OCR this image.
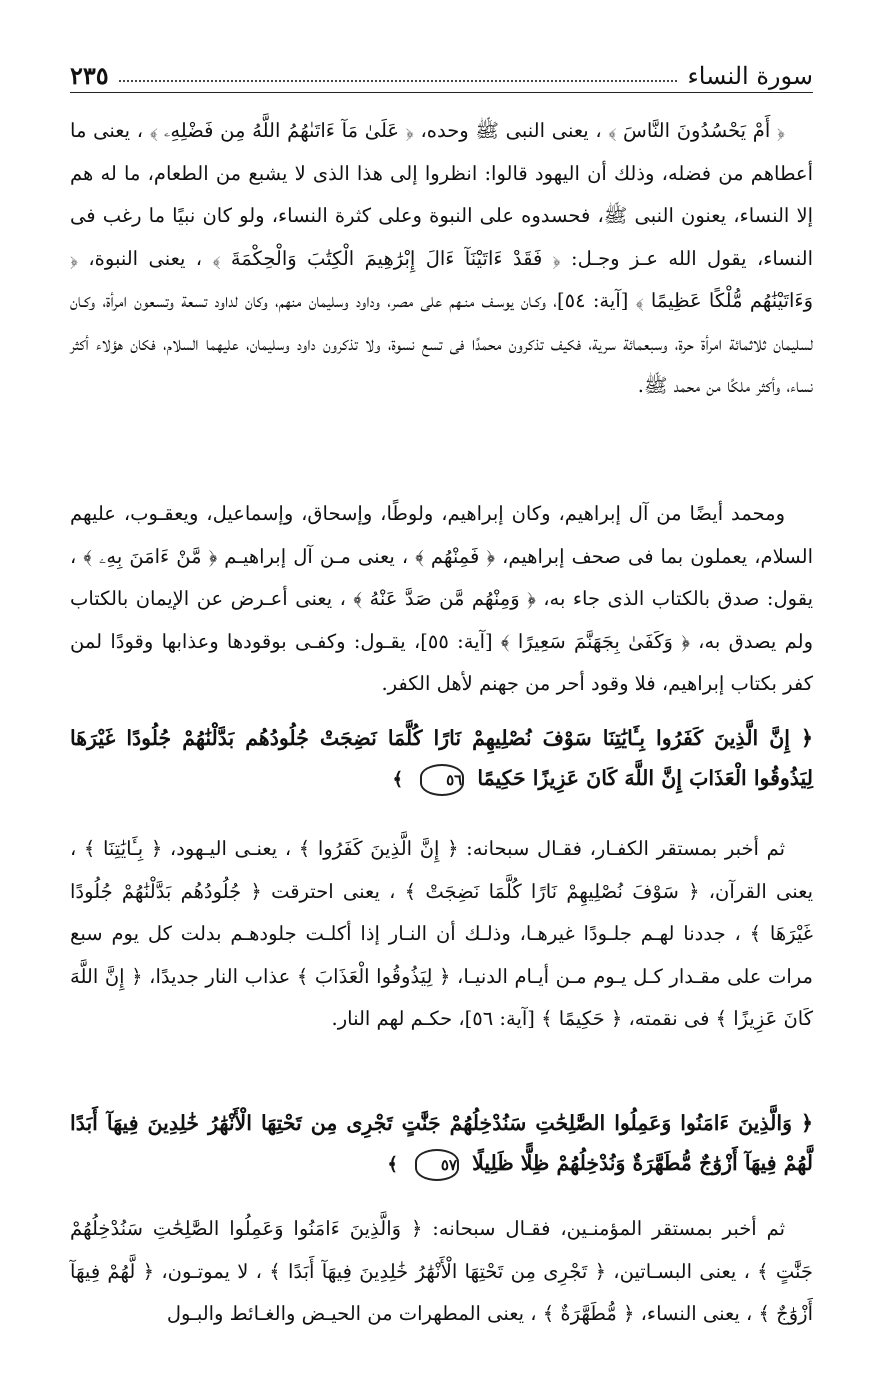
سورة النساء
٢٣٥

﴿ أَمْ يَحْسُدُونَ النَّاسَ ﴾ ، يعنى النبى ﷺ وحده، ﴿ عَلَىٰ مَآ ءَاتَىٰهُمُ اللَّهُ مِن فَضْلِهِۦ ﴾ ، يعنى ما أعطاهم من فضله، وذلك أن اليهود قالوا: انظروا إلى هذا الذى لا يشبع من الطعام، ما له هم إلا النساء، يعنون النبى ﷺ، فحسدوه على النبوة وعلى كثرة النساء، ولو كان نبيًا ما رغب فى النساء، يقول الله عـز وجـل: ﴿ فَقَدْ ءَاتَيْنَآ ءَالَ إِبْرَٰهِيمَ الْكِتَٰبَ وَالْحِكْمَةَ ﴾ ، يعنى النبوة، ﴿ وَءَاتَيْنَٰهُم مُّلْكًا عَظِيمًا ﴾ [آية: ٥٤]، وكـان يوسـف منـهم على مصر، وداود وسليمان منهم، وكان لداود تسعة وتسعون امرأة، وكـان لسليمان ثلاثمائة امرأة حرة، وسبعمائة سرية، فكيف تذكرون محمدًا فى تسع نسوة، ولا تذكرون داود وسليمان، عليهما السلام، فكان هؤلاء أكثر نساء، وأكثر ملكًا من محمد ﷺ.

ومحمد أيضًا من آل إبراهيم، وكان إبراهيم، ولوطًا، وإسحاق، وإسماعيل، ويعقـوب، عليهم السلام، يعملون بما فى صحف إبراهيم، ﴿ فَمِنْهُم ﴾ ، يعنى مـن آل إبراهيـم ﴿ مَّنْ ءَامَنَ بِهِۦ ﴾ ، يقول: صدق بالكتاب الذى جاء به، ﴿ وَمِنْهُم مَّن صَدَّ عَنْهُ ﴾ ، يعنى أعـرض عن الإيمان بالكتاب ولم يصدق به، ﴿ وَكَفَىٰ بِجَهَنَّمَ سَعِيرًا ﴾ [آية: ٥٥]، يقـول: وكفـى بوقودها وعذابها وقودًا لمن كفر بكتاب إبراهيم، فلا وقود أحر من جهنم لأهل الكفر.

﴿ إِنَّ الَّذِينَ كَفَرُوا بِـَٔايَٰتِنَا سَوْفَ نُصْلِيهِمْ نَارًا كُلَّمَا نَضِجَتْ جُلُودُهُم بَدَّلْنَٰهُمْ جُلُودًا غَيْرَهَا لِيَذُوقُوا الْعَذَابَ إِنَّ اللَّهَ كَانَ عَزِيزًا حَكِيمًا ٥٦ ﴾

ثم أخبر بمستقر الكفـار، فقـال سبحانه: ﴿ إِنَّ الَّذِينَ كَفَرُوا ﴾ ، يعنـى اليـهود، ﴿ بِـَٔايَٰتِنَا ﴾ ، يعنى القرآن، ﴿ سَوْفَ نُصْلِيهِمْ نَارًا كُلَّمَا نَضِجَتْ ﴾ ، يعنى احترقت ﴿ جُلُودُهُم بَدَّلْنَٰهُمْ جُلُودًا غَيْرَهَا ﴾ ، جددنا لهـم جلـودًا غيرهـا، وذلـك أن النـار إذا أكلـت جلودهـم بدلت كل يوم سبع مرات على مقـدار كـل يـوم مـن أيـام الدنيـا، ﴿ لِيَذُوقُوا الْعَذَابَ ﴾ عذاب النار جديدًا، ﴿ إِنَّ اللَّهَ كَانَ عَزِيزًا ﴾ فى نقمته، ﴿ حَكِيمًا ﴾ [آية: ٥٦]، حكـم لهم النار.

﴿ وَالَّذِينَ ءَامَنُوا وَعَمِلُوا الصَّٰلِحَٰتِ سَنُدْخِلُهُمْ جَنَّٰتٍ تَجْرِى مِن تَحْتِهَا الْأَنْهَٰرُ خَٰلِدِينَ فِيهَآ أَبَدًا لَّهُمْ فِيهَآ أَزْوَٰجٌ مُّطَهَّرَةٌ وَنُدْخِلُهُمْ ظِلًّا ظَلِيلًا ٥٧ ﴾

ثم أخبر بمستقر المؤمنـين، فقـال سبحانه: ﴿ وَالَّذِينَ ءَامَنُوا وَعَمِلُوا الصَّٰلِحَٰتِ سَنُدْخِلُهُمْ جَنَّٰتٍ ﴾ ، يعنى البسـاتين، ﴿ تَجْرِى مِن تَحْتِهَا الْأَنْهَٰرُ خَٰلِدِينَ فِيهَآ أَبَدًا ﴾ ، لا يموتـون، ﴿ لَّهُمْ فِيهَآ أَزْوَٰجٌ ﴾ ، يعنى النساء، ﴿ مُّطَهَّرَةٌ ﴾ ، يعنى المطهرات من الحيـض والغـائط والبـول
